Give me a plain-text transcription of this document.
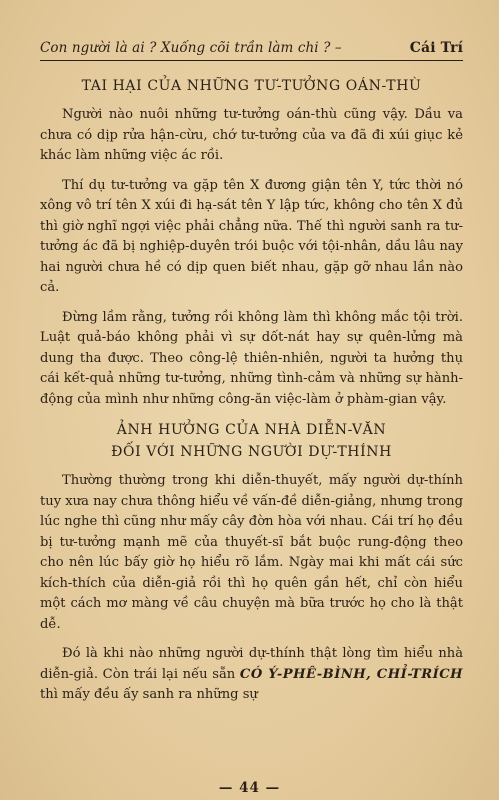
Con người là ai ? Xuống cõi trần làm chi ? –	Cái Trí
TAI HẠI CỦA NHỮNG TƯ-TƯỞNG OÁN-THÙ

Người nào nuôi những tư-tưởng oán-thù cũng vậy. Dầu va chưa có dịp rửa hận-cừu, chớ tư-tưởng của va đã đi xúi giục kẻ khác làm những việc ác rồi.

Thí dụ tư-tưởng va gặp tên X đương giận tên Y, tức thời nó xông vô trí tên X xúi đi hạ-sát tên Y lập tức, không cho tên X đủ thì giờ nghĩ ngợi việc phải chẳng nữa. Thế thì người sanh ra tư-tưởng ác đã bị nghiệp-duyên trói buộc với tội-nhân, dầu lâu nay hai người chưa hề có dịp quen biết nhau, gặp gỡ nhau lần nào cả.

Đừng lầm rằng, tưởng rồi không làm thì không mắc tội trời. Luật quả-báo không phải vì sự dốt-nát hay sự quên-lửng mà dung tha được. Theo công-lệ thiên-nhiên, người ta hưởng thụ cái kết-quả những tư-tưởng, những tình-cảm và những sự hành-động của mình như những công-ăn việc-làm ở phàm-gian vậy.

ẢNH HƯỞNG CỦA NHÀ DIỄN-VĂN
ĐỐI VỚI NHỮNG NGƯỜI DỰ-THÍNH

Thường thường trong khi diễn-thuyết, mấy người dự-thính tuy xưa nay chưa thông hiểu về vấn-đề diễn-giảng, nhưng trong lúc nghe thì cũng như mấy cây đờn hòa với nhau. Cái trí họ đều bị tư-tưởng mạnh mẽ của thuyết-sĩ bắt buộc rung-động theo cho nên lúc bấy giờ họ hiểu rõ lắm. Ngày mai khi mất cái sức kích-thích của diễn-giả rồi thì họ quên gần hết, chỉ còn hiểu một cách mơ màng về câu chuyện mà bữa trước họ cho là thật dễ.

Đó là khi nào những người dự-thính thật lòng tìm hiểu nhà diễn-giả. Còn trái lại nếu sẵn CÓ Ý-PHÊ-BÌNH, CHỈ-TRÍCH thì mấy đều ấy sanh ra những sự

— 44 —
